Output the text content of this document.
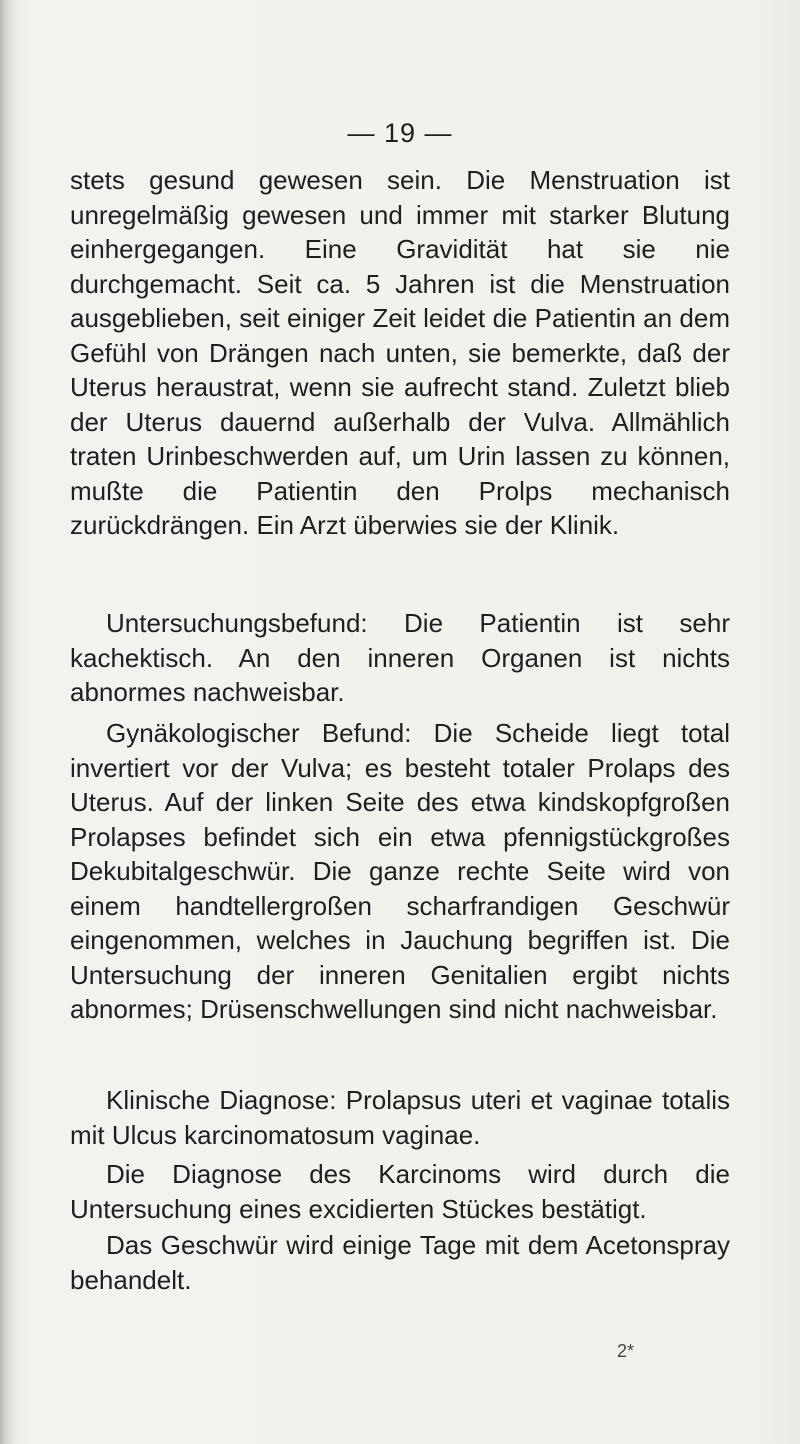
— 19 —

stets gesund gewesen sein. Die Menstruation ist unregelmäßig gewesen und immer mit starker Blutung einhergegangen. Eine Gravidität hat sie nie durchgemacht. Seit ca. 5 Jahren ist die Menstruation ausgeblieben, seit einiger Zeit leidet die Patientin an dem Gefühl von Drängen nach unten, sie bemerkte, daß der Uterus heraustrat, wenn sie aufrecht stand. Zuletzt blieb der Uterus dauernd außerhalb der Vulva. Allmählich traten Urinbeschwerden auf, um Urin lassen zu können, mußte die Patientin den Prolps mechanisch zurückdrängen. Ein Arzt überwies sie der Klinik.

Untersuchungsbefund: Die Patientin ist sehr kachektisch. An den inneren Organen ist nichts abnormes nachweisbar.

Gynäkologischer Befund: Die Scheide liegt total invertiert vor der Vulva; es besteht totaler Prolaps des Uterus. Auf der linken Seite des etwa kindskopfgroßen Prolapses befindet sich ein etwa pfennigstückgroßes Dekubitalgeschwür. Die ganze rechte Seite wird von einem handtellergroßen scharfrandigen Geschwür eingenommen, welches in Jauchung begriffen ist. Die Untersuchung der inneren Genitalien ergibt nichts abnormes; Drüsenschwellungen sind nicht nachweisbar.

Klinische Diagnose: Prolapsus uteri et vaginae totalis mit Ulcus karcinomatosum vaginae.

Die Diagnose des Karcinoms wird durch die Untersuchung eines excidierten Stückes bestätigt.

Das Geschwür wird einige Tage mit dem Acetonspray behandelt.

2*
